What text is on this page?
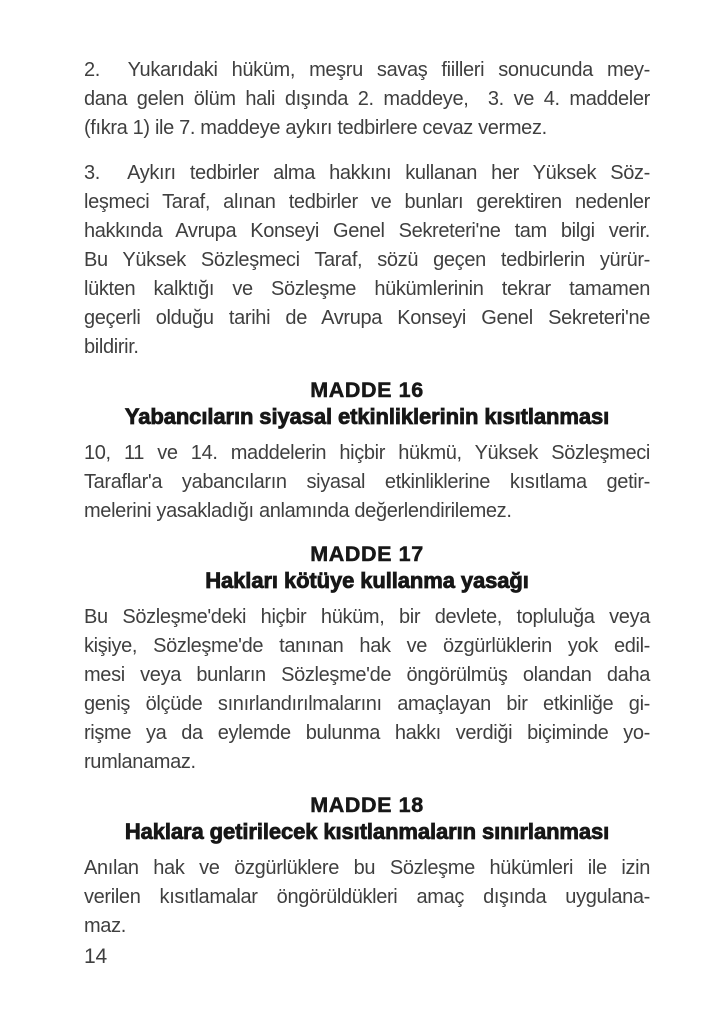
2.  Yukarıdaki hüküm, meşru savaş fiilleri sonucunda mey-
dana gelen ölüm hali dışında 2. maddeye,  3. ve 4. maddeler
(fıkra 1) ile 7. maddeye aykırı tedbirlere cevaz vermez.

3.  Aykırı tedbirler alma hakkını kullanan her Yüksek Söz-
leşmeci Taraf, alınan tedbirler ve bunları gerektiren nedenler
hakkında Avrupa Konseyi Genel Sekreteri'ne tam bilgi verir.
Bu Yüksek Sözleşmeci Taraf, sözü geçen tedbirlerin yürür-
lükten kalktığı ve Sözleşme hükümlerinin tekrar tamamen
geçerli olduğu tarihi de Avrupa Konseyi Genel Sekreteri'ne
bildirir.

MADDE 16
Yabancıların siyasal etkinliklerinin kısıtlanması

10, 11 ve 14. maddelerin hiçbir hükmü, Yüksek Sözleşmeci
Taraflar'a yabancıların siyasal etkinliklerine kısıtlama getir-
melerini yasakladığı anlamında değerlendirilemez.

MADDE 17
Hakları kötüye kullanma yasağı

Bu Sözleşme'deki hiçbir hüküm, bir devlete, topluluğa veya
kişiye, Sözleşme'de tanınan hak ve özgürlüklerin yok edil-
mesi veya bunların Sözleşme'de öngörülmüş olandan daha
geniş ölçüde sınırlandırılmalarını amaçlayan bir etkinliğe gi-
rişme ya da eylemde bulunma hakkı verdiği biçiminde yo-
rumlanamaz.

MADDE 18
Haklara getirilecek kısıtlanmaların sınırlanması

Anılan hak ve özgürlüklere bu Sözleşme hükümleri ile izin
verilen kısıtlamalar öngörüldükleri amaç dışında uygulana-
maz.

14
